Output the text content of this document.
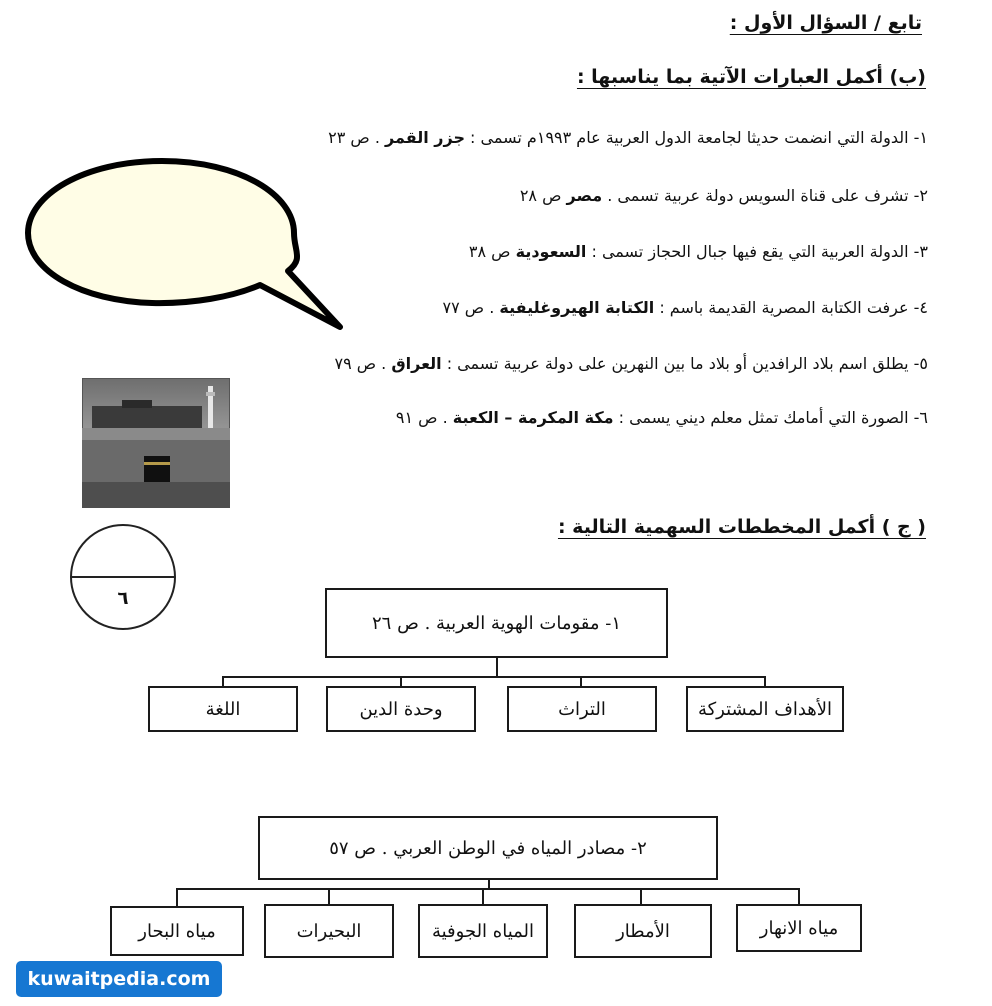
تابع / السؤال الأول :
(ب) أكمل العبارات الآتية بما يناسبها :
١- الدولة التي انضمت حديثا لجامعة الدول العربية عام ١٩٩٣م تسمى : جزر القمر . ص ٢٣
٢- تشرف على قناة السويس دولة عربية تسمى . مصر ص ٢٨
٣- الدولة العربية التي يقع فيها جبال الحجاز تسمى : السعودية ص ٣٨
٤- عرفت الكتابة المصرية القديمة باسم : الكتابة الهيروغليفية . ص ٧٧
٥- يطلق اسم بلاد الرافدين أو بلاد ما بين النهرين على دولة عربية تسمى : العراق . ص ٧٩
٦- الصورة التي أمامك تمثل معلم ديني يسمى : مكة المكرمة – الكعبة . ص ٩١
٦
( ج ) أكمل المخططات السهمية التالية :
١- مقومات الهوية العربية . ص ٢٦
الأهداف المشتركة
التراث
وحدة الدين
اللغة
٢- مصادر المياه في الوطن العربي . ص ٥٧
مياه الانهار
الأمطار
المياه الجوفية
البحيرات
مياه البحار
kuwaitpedia.com
